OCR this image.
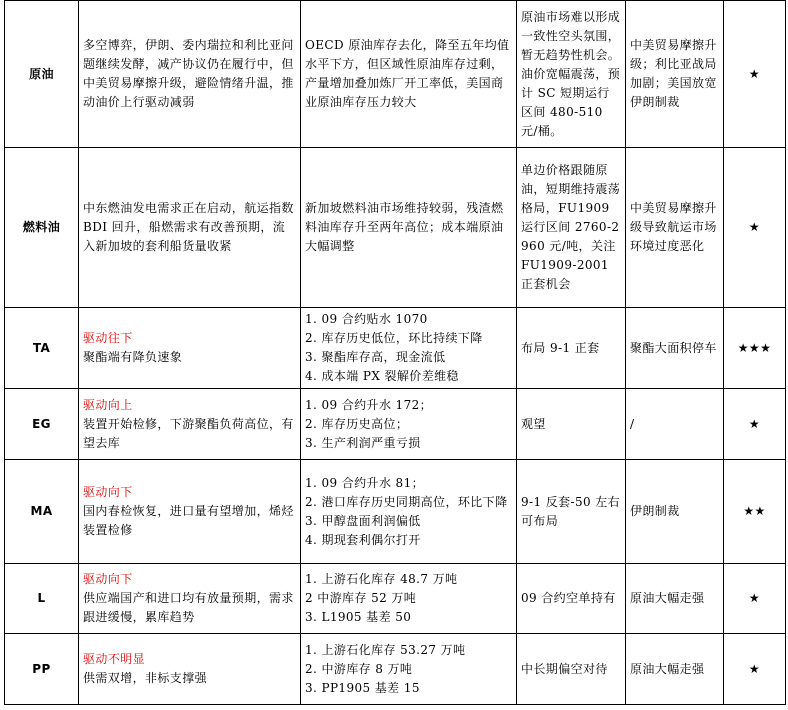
原油	多空博弈，伊朗、委内瑞拉和利比亚问题继续发酵，减产协议仍在履行中，但中美贸易摩擦升级，避险情绪升温，推动油价上行驱动减弱	OECD 原油库存去化，降至五年均值水平下方，但区域性原油库存过剩，产量增加叠加炼厂开工率低，美国商业原油库存压力较大	原油市场难以形成一致性空头氛围，暂无趋势性机会。油价宽幅震荡，预计 SC 短期运行区间 480-510 元/桶。	中美贸易摩擦升级；利比亚战局加剧；美国放宽伊朗制裁	★
燃料油	中东燃油发电需求正在启动，航运指数 BDI 回升，船燃需求有改善预期，流入新加坡的套利船货量收紧	新加坡燃料油市场维持较弱，残渣燃料油库存升至两年高位；成本端原油大幅调整	单边价格跟随原油，短期维持震荡格局，FU1909运行区间 2760-2960 元/吨，关注 FU1909-2001 正套机会	中美贸易摩擦升级导致航运市场环境过度恶化	★
TA	驱动往下
聚酯端有降负速象	1. 09 合约贴水 1070
2. 库存历史低位，环比持续下降
3. 聚酯库存高，现金流低
4. 成本端 PX 裂解价差维稳	布局 9-1 正套	聚酯大面积停车	★★★
EG	驱动向上
装置开始检修，下游聚酯负荷高位，有望去库	1. 09 合约升水 172；
2. 库存历史高位；
3. 生产利润严重亏损	观望	/	★
MA	驱动向下
国内春检恢复，进口量有望增加，烯烃装置检修	1. 09 合约升水 81；
2. 港口库存历史同期高位，环比下降
3. 甲醇盘面利润偏低
4. 期现套利偶尔打开	9-1 反套-50 左右可布局	伊朗制裁	★★
L	驱动向下
供应端国产和进口均有放量预期，需求跟进缓慢，累库趋势	1. 上游石化库存 48.7 万吨
2 中游库存 52 万吨
3. L1905 基差 50	09 合约空单持有	原油大幅走强	★
PP	驱动不明显
供需双增，非标支撑强	1. 上游石化库存 53.27 万吨
2. 中游库存 8 万吨
3. PP1905 基差 15	中长期偏空对待	原油大幅走强	★
